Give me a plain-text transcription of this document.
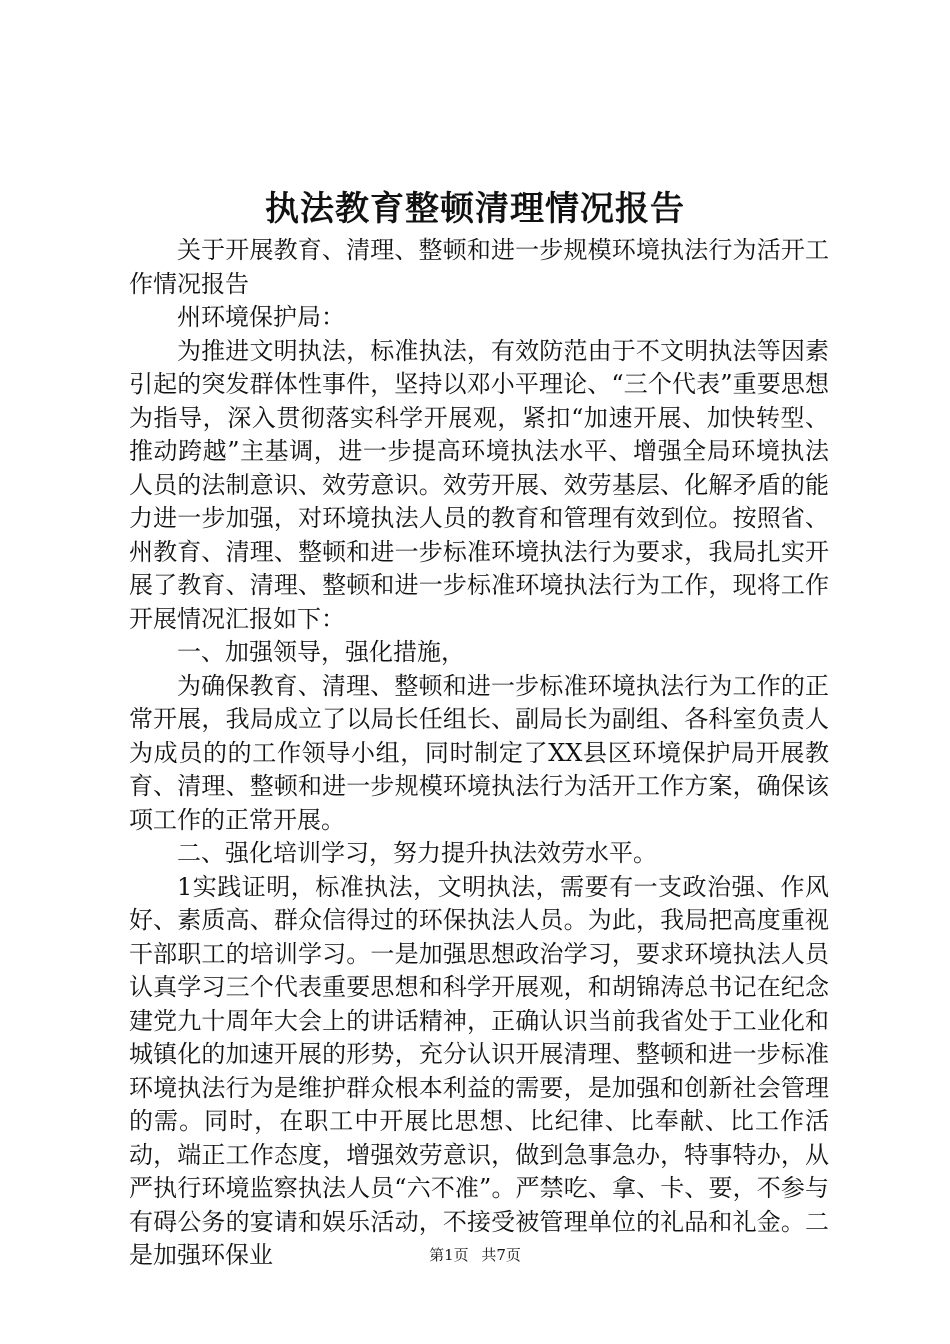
执法教育整顿清理情况报告

关于开展教育、清理、整顿和进一步规模环境执法行为活开工作情况报告

州环境保护局：

为推进文明执法，标准执法，有效防范由于不文明执法等因素引起的突发群体性事件，坚持以邓小平理论、“三个代表”重要思想为指导，深入贯彻落实科学开展观，紧扣“加速开展、加快转型、推动跨越”主基调，进一步提高环境执法水平、增强全局环境执法人员的法制意识、效劳意识。效劳开展、效劳基层、化解矛盾的能力进一步加强，对环境执法人员的教育和管理有效到位。按照省、州教育、清理、整顿和进一步标准环境执法行为要求，我局扎实开展了教育、清理、整顿和进一步标准环境执法行为工作，现将工作开展情况汇报如下：

一、加强领导，强化措施，

为确保教育、清理、整顿和进一步标准环境执法行为工作的正常开展，我局成立了以局长任组长、副局长为副组、各科室负责人为成员的的工作领导小组，同时制定了XX县区环境保护局开展教育、清理、整顿和进一步规模环境执法行为活开工作方案，确保该项工作的正常开展。

二、强化培训学习，努力提升执法效劳水平。

1实践证明，标准执法，文明执法，需要有一支政治强、作风好、素质高、群众信得过的环保执法人员。为此，我局把高度重视干部职工的培训学习。一是加强思想政治学习，要求环境执法人员认真学习三个代表重要思想和科学开展观，和胡锦涛总书记在纪念建党九十周年大会上的讲话精神，正确认识当前我省处于工业化和城镇化的加速开展的形势，充分认识开展清理、整顿和进一步标准环境执法行为是维护群众根本利益的需要，是加强和创新社会管理的需。同时，在职工中开展比思想、比纪律、比奉献、比工作活动，端正工作态度，增强效劳意识，做到急事急办，特事特办，从严执行环境监察执法人员“六不准”。严禁吃、拿、卡、要，不参与有碍公务的宴请和娱乐活动，不接受被管理单位的礼品和礼金。二是加强环保业	第1页 共7页
